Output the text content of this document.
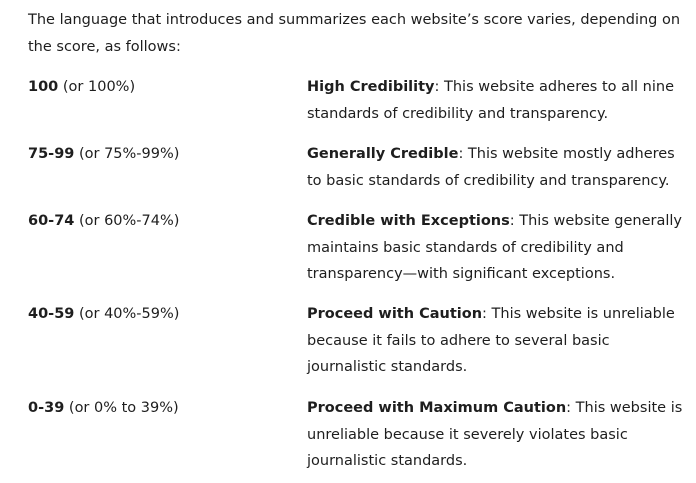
The language that introduces and summarizes each website’s score varies, depending on the score, as follows:

100 (or 100%)	High Credibility: This website adheres to all nine standards of credibility and transparency.
75-99 (or 75%-99%)	Generally Credible: This website mostly adheres to basic standards of credibility and transparency.
60-74 (or 60%-74%)	Credible with Exceptions: This website generally maintains basic standards of credibility and transparency—with significant exceptions.
40-59 (or 40%-59%)	Proceed with Caution: This website is unreliable because it fails to adhere to several basic journalistic standards.
0-39 (or 0% to 39%)	Proceed with Maximum Caution: This website is unreliable because it severely violates basic journalistic standards.
